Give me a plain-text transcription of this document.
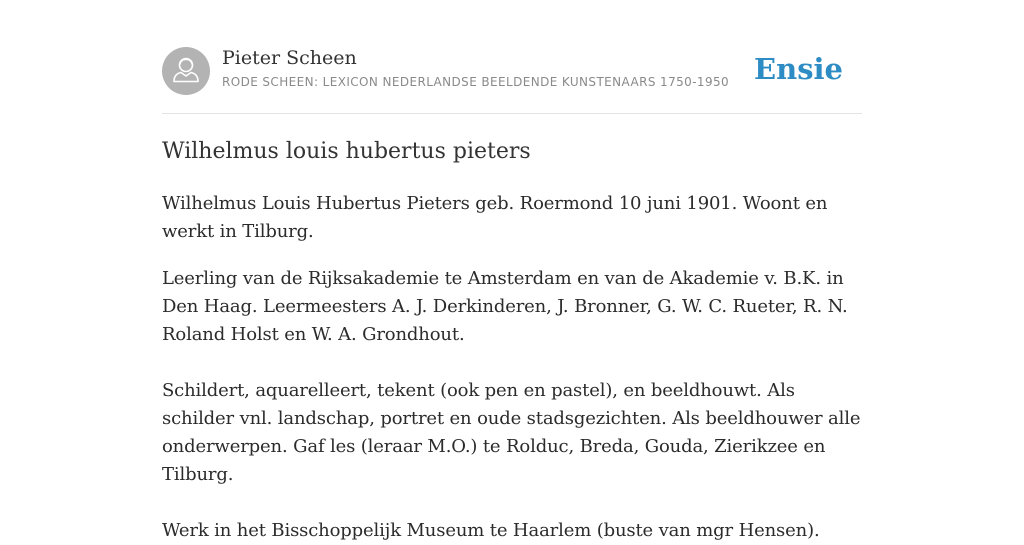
Pieter Scheen
RODE SCHEEN: LEXICON NEDERLANDSE BEELDENDE KUNSTENAARS 1750-1950 Ensie
Wilhelmus louis hubertus pieters

Wilhelmus Louis Hubertus Pieters geb. Roermond 10 juni 1901. Woont en werkt in Tilburg.

Leerling van de Rijksakademie te Amsterdam en van de Akademie v. B.K. in Den Haag. Leermeesters A. J. Derkinderen, J. Bronner, G. W. C. Rueter, R. N. Roland Holst en W. A. Grondhout.

Schildert, aquarelleert, tekent (ook pen en pastel), en beeldhouwt. Als schilder vnl. landschap, portret en oude stadsgezichten. Als beeldhouwer alle onderwerpen. Gaf les (leraar M.O.) te Rolduc, Breda, Gouda, Zierikzee en Tilburg.

Werk in het Bisschoppelijk Museum te Haarlem (buste van mgr Hensen).
